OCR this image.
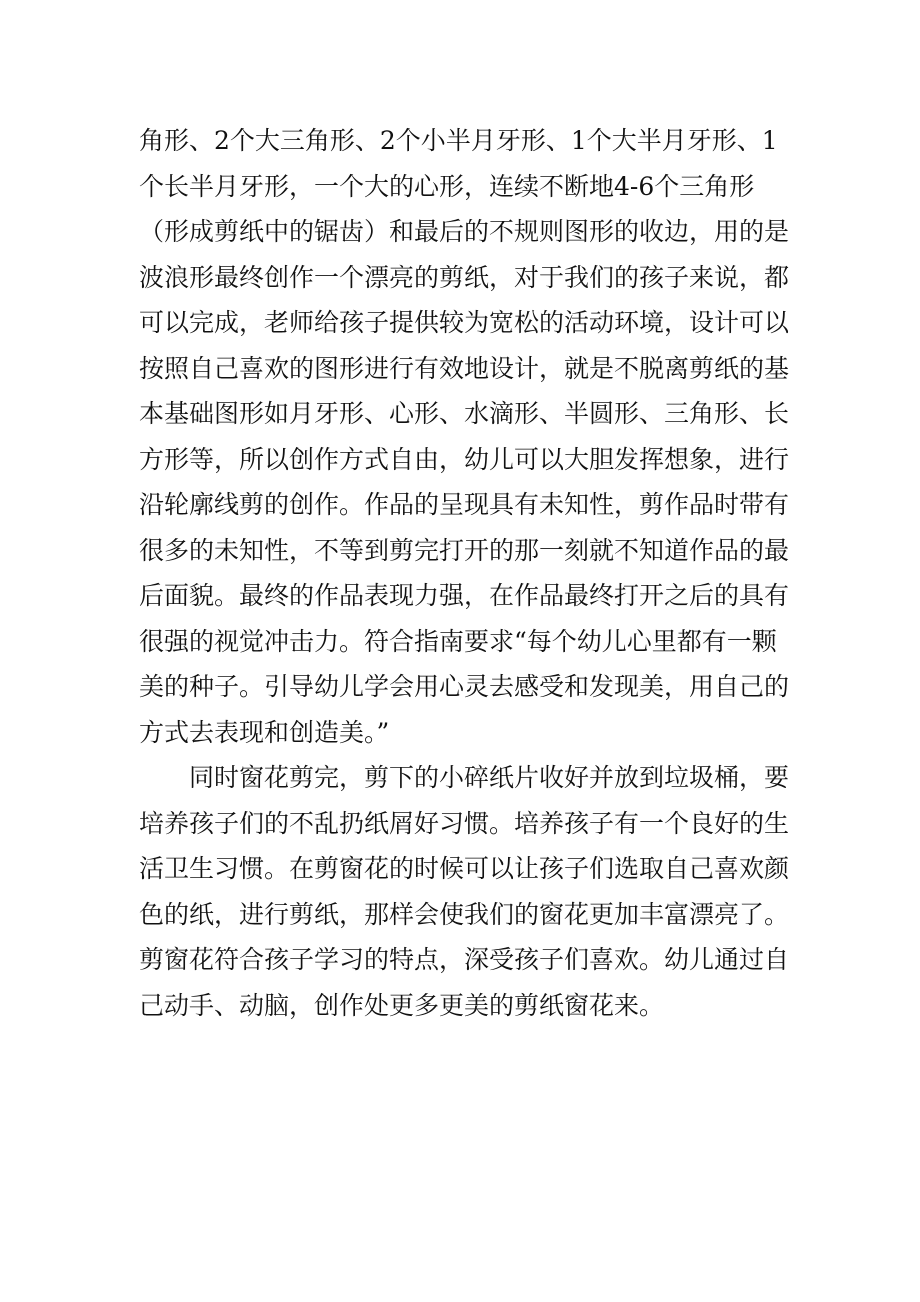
角形、2个大三角形、2个小半月牙形、1个大半月牙形、1
个长半月牙形，一个大的心形，连续不断地4-6个三角形
（形成剪纸中的锯齿）和最后的不规则图形的收边，用的是
波浪形最终创作一个漂亮的剪纸，对于我们的孩子来说，都
可以完成，老师给孩子提供较为宽松的活动环境，设计可以
按照自己喜欢的图形进行有效地设计，就是不脱离剪纸的基
本基础图形如月牙形、心形、水滴形、半圆形、三角形、长
方形等，所以创作方式自由，幼儿可以大胆发挥想象，进行
沿轮廓线剪的创作。作品的呈现具有未知性，剪作品时带有
很多的未知性，不等到剪完打开的那一刻就不知道作品的最
后面貌。最终的作品表现力强，在作品最终打开之后的具有
很强的视觉冲击力。符合指南要求“每个幼儿心里都有一颗
美的种子。引导幼儿学会用心灵去感受和发现美，用自己的
方式去表现和创造美。”
同时窗花剪完，剪下的小碎纸片收好并放到垃圾桶，要
培养孩子们的不乱扔纸屑好习惯。培养孩子有一个良好的生
活卫生习惯。在剪窗花的时候可以让孩子们选取自己喜欢颜
色的纸，进行剪纸，那样会使我们的窗花更加丰富漂亮了。
剪窗花符合孩子学习的特点，深受孩子们喜欢。幼儿通过自
己动手、动脑，创作处更多更美的剪纸窗花来。
